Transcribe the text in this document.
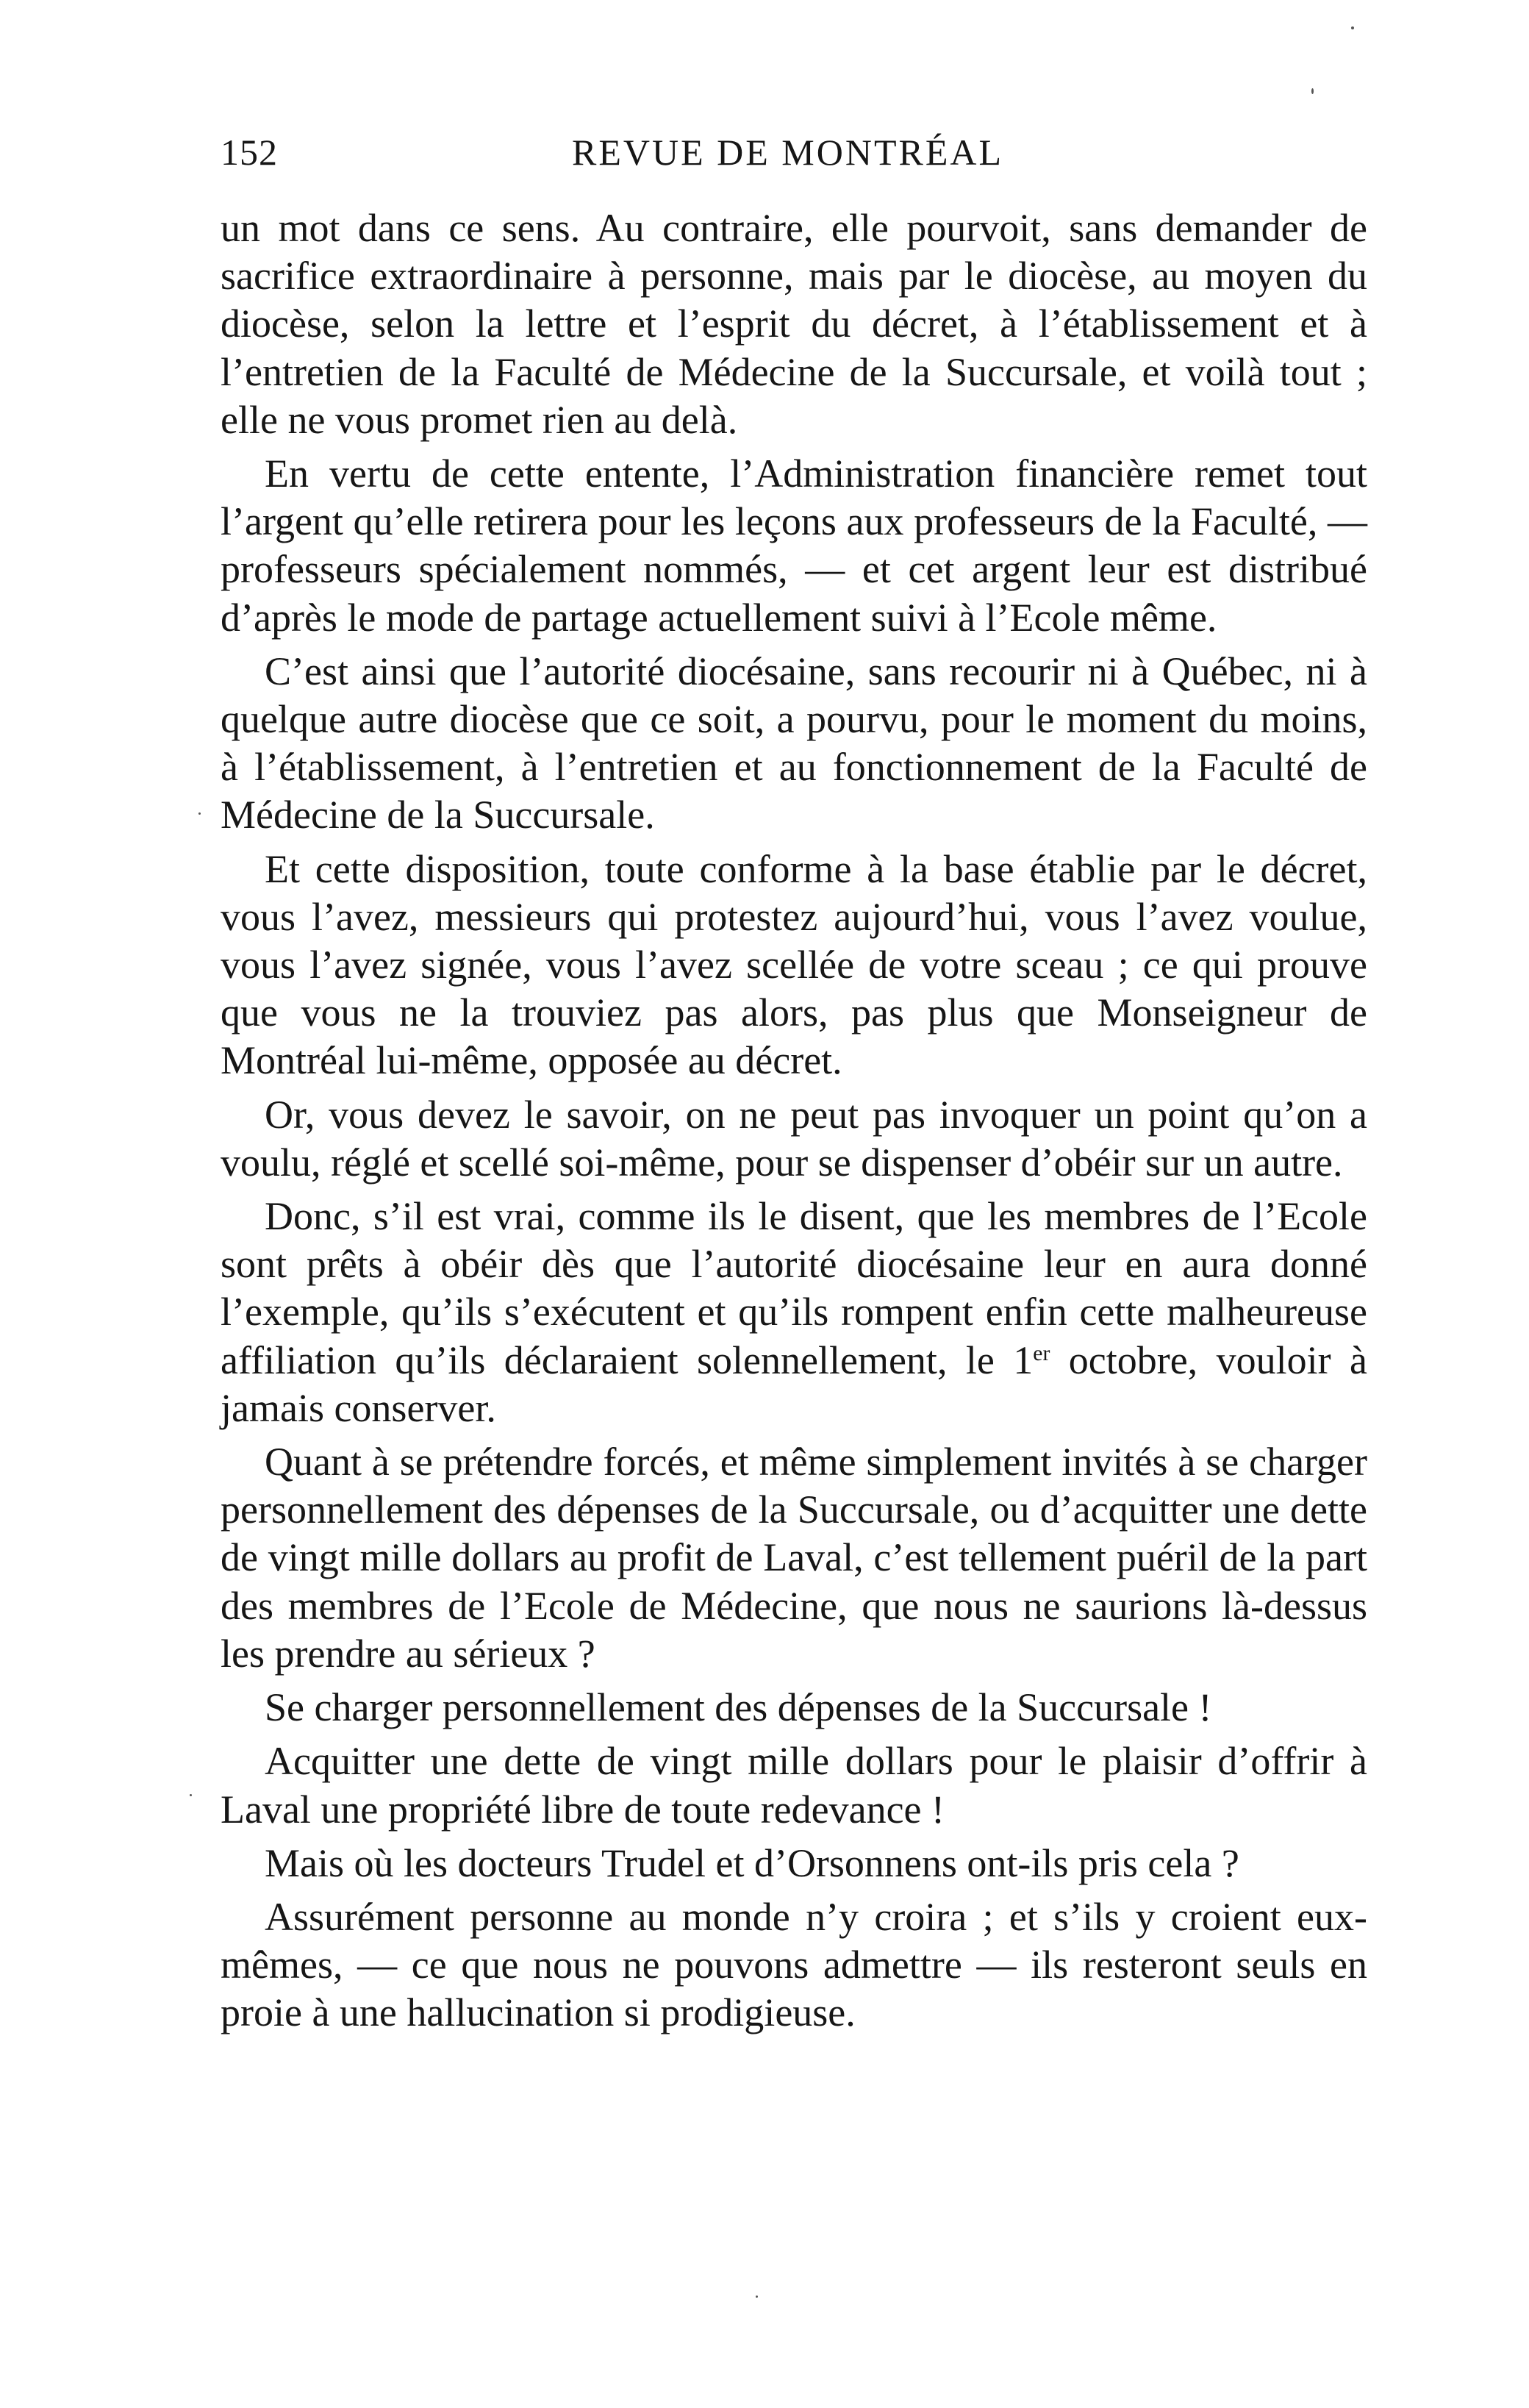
152	REVUE DE MONTRÉAL

un mot dans ce sens. Au contraire, elle pourvoit, sans demander de sacrifice extraordinaire à personne, mais par le diocèse, au moyen du diocèse, selon la lettre et l’esprit du décret, à l’établissement et à l’entretien de la Faculté de Médecine de la Succursale, et voilà tout ; elle ne vous promet rien au delà.

En vertu de cette entente, l’Administration financière remet tout l’argent qu’elle retirera pour les leçons aux professeurs de la Faculté, — professeurs spécialement nommés, — et cet argent leur est distribué d’après le mode de partage actuellement suivi à l’Ecole même.

C’est ainsi que l’autorité diocésaine, sans recourir ni à Québec, ni à quelque autre diocèse que ce soit, a pourvu, pour le moment du moins, à l’établissement, à l’entretien et au fonctionnement de la Faculté de Médecine de la Succursale.

Et cette disposition, toute conforme à la base établie par le décret, vous l’avez, messieurs qui protestez aujourd’hui, vous l’avez voulue, vous l’avez signée, vous l’avez scellée de votre sceau ; ce qui prouve que vous ne la trouviez pas alors, pas plus que Monseigneur de Montréal lui-même, opposée au décret.

Or, vous devez le savoir, on ne peut pas invoquer un point qu’on a voulu, réglé et scellé soi-même, pour se dispenser d’obéir sur un autre.

Donc, s’il est vrai, comme ils le disent, que les membres de l’Ecole sont prêts à obéir dès que l’autorité diocésaine leur en aura donné l’exemple, qu’ils s’exécutent et qu’ils rompent enfin cette malheureuse affiliation qu’ils déclaraient solennellement, le 1er octobre, vouloir à jamais conserver.

Quant à se prétendre forcés, et même simplement invités à se charger personnellement des dépenses de la Succursale, ou d’acquitter une dette de vingt mille dollars au profit de Laval, c’est tellement puéril de la part des membres de l’Ecole de Médecine, que nous ne saurions là-dessus les prendre au sérieux ?

Se charger personnellement des dépenses de la Succursale !

Acquitter une dette de vingt mille dollars pour le plaisir d’offrir à Laval une propriété libre de toute redevance !

Mais où les docteurs Trudel et d’Orsonnens ont-ils pris cela ?

Assurément personne au monde n’y croira ; et s’ils y croient eux-mêmes, — ce que nous ne pouvons admettre — ils resteront seuls en proie à une hallucination si prodigieuse.
